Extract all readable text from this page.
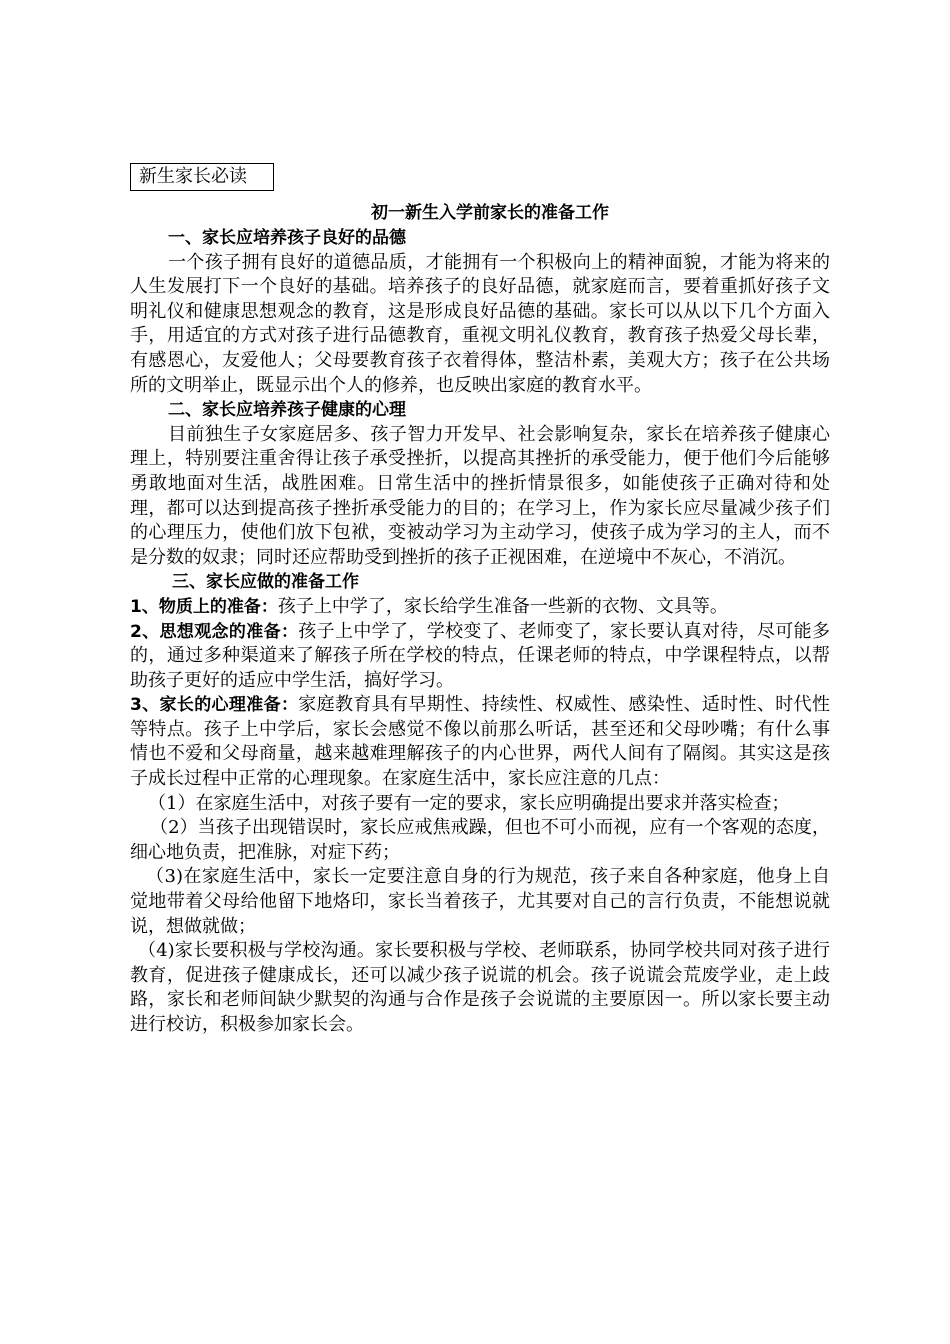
新生家长必读
初一新生入学前家长的准备工作
一、家长应培养孩子良好的品德

一个孩子拥有良好的道德品质，才能拥有一个积极向上的精神面貌，才能为将来的人生发展打下一个良好的基础。培养孩子的良好品德，就家庭而言，要着重抓好孩子文明礼仪和健康思想观念的教育，这是形成良好品德的基础。家长可以从以下几个方面入手，用适宜的方式对孩子进行品德教育，重视文明礼仪教育，教育孩子热爱父母长辈，有感恩心，友爱他人；父母要教育孩子衣着得体，整洁朴素，美观大方；孩子在公共场所的文明举止，既显示出个人的修养，也反映出家庭的教育水平。

二、家长应培养孩子健康的心理

目前独生子女家庭居多、孩子智力开发早、社会影响复杂，家长在培养孩子健康心理上，特别要注重舍得让孩子承受挫折，以提高其挫折的承受能力，便于他们今后能够勇敢地面对生活，战胜困难。日常生活中的挫折情景很多，如能使孩子正确对待和处理，都可以达到提高孩子挫折承受能力的目的；在学习上，作为家长应尽量减少孩子们的心理压力，使他们放下包袱，变被动学习为主动学习，使孩子成为学习的主人，而不是分数的奴隶；同时还应帮助受到挫折的孩子正视困难，在逆境中不灰心，不消沉。

三、家长应做的准备工作

1、物质上的准备：孩子上中学了，家长给学生准备一些新的衣物、文具等。

2、思想观念的准备：孩子上中学了，学校变了、老师变了，家长要认真对待，尽可能多的，通过多种渠道来了解孩子所在学校的特点，任课老师的特点，中学课程特点，以帮助孩子更好的适应中学生活，搞好学习。

3、家长的心理准备：家庭教育具有早期性、持续性、权威性、感染性、适时性、时代性等特点。孩子上中学后，家长会感觉不像以前那么听话，甚至还和父母吵嘴；有什么事情也不爱和父母商量，越来越难理解孩子的内心世界，两代人间有了隔阂。其实这是孩子成长过程中正常的心理现象。在家庭生活中，家长应注意的几点：

（1）在家庭生活中，对孩子要有一定的要求，家长应明确提出要求并落实检查；

（2）当孩子出现错误时，家长应戒焦戒躁，但也不可小而视，应有一个客观的态度，细心地负责，把准脉，对症下药；

（3)在家庭生活中，家长一定要注意自身的行为规范，孩子来自各种家庭，他身上自觉地带着父母给他留下地烙印，家长当着孩子，尤其要对自己的言行负责，不能想说就说，想做就做；

（4)家长要积极与学校沟通。家长要积极与学校、老师联系，协同学校共同对孩子进行教育，促进孩子健康成长，还可以减少孩子说谎的机会。孩子说谎会荒废学业，走上歧路，家长和老师间缺少默契的沟通与合作是孩子会说谎的主要原因一。所以家长要主动进行校访，积极参加家长会。
